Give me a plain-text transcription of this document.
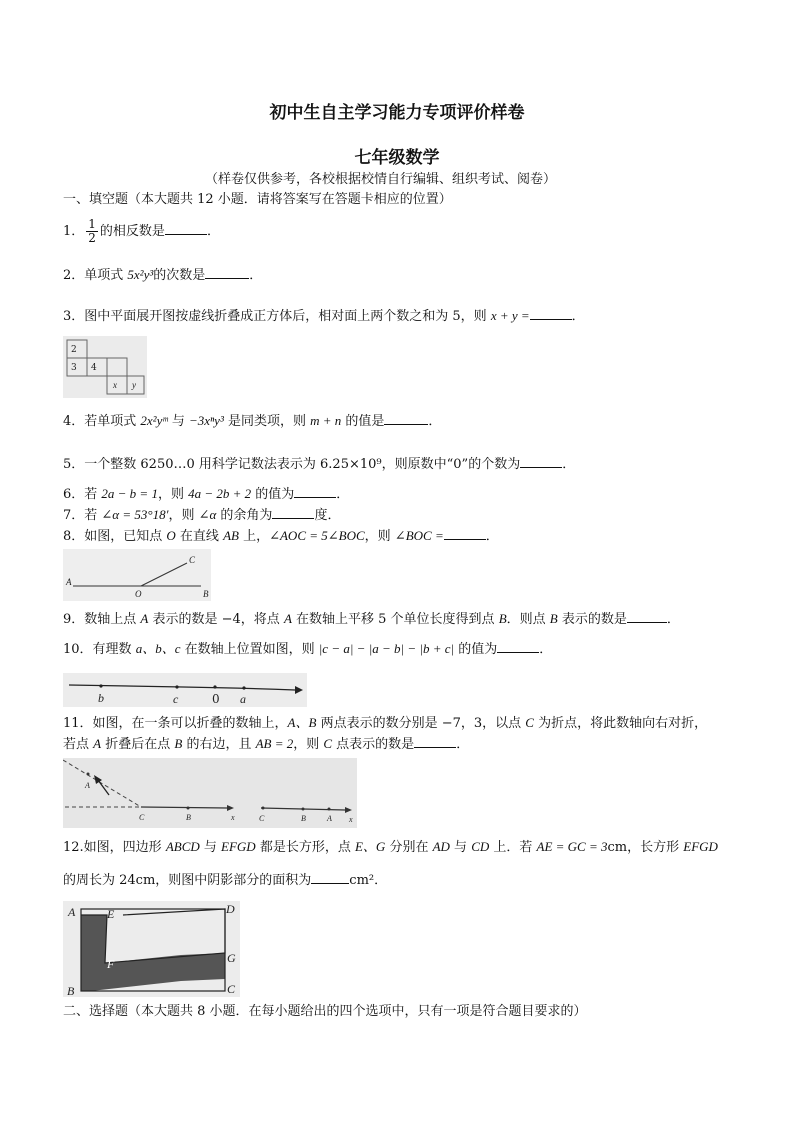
初中生自主学习能力专项评价样卷
七年级数学
（样卷仅供参考，各校根据校情自行编辑、组织考试、阅卷）
一、填空题（本大题共 12 小题．请将答案写在答题卡相应的位置）
1． $\frac{1}{2}$ 的相反数是	．
2．单项式 5x²y³的次数是	．
3．图中平面展开图按虚线折叠成正方体后，相对面上两个数之和为 5，则 x + y =	．
2
3 4
x y
4．若单项式 2x²yᵐ 与 −3xⁿy³ 是同类项，则 m + n 的值是	．
5．一个整数 6250…0 用科学记数法表示为 6.25×10⁹，则原数中“0”的个数为	．
6．若 2a − b = 1，则 4a − 2b + 2 的值为	．
7．若 ∠α = 53°18′，则 ∠α 的余角为	度．
8．如图，已知点 O 在直线 AB 上，∠AOC = 5∠BOC，则 ∠BOC =	．
A
O	B
C
9．数轴上点 A 表示的数是 −4，将点 A 在数轴上平移 5 个单位长度得到点 B．则点 B 表示的数是	．
10．有理数 a、b、c 在数轴上位置如图，则 |c − a| − |a − b| − |b + c| 的值为	．
b	c	0 a
11．如图，在一条可以折叠的数轴上，A、B 两点表示的数分别是 −7，3，以点 C 为折点，将此数轴向右对折，
若点 A 折叠后在点 B 的右边，且 AB = 2，则 C 点表示的数是	．
A
C	B	x	C	B	A x
12.如图，四边形 ABCD 与 EFGD 都是长方形，点 E、G 分别在 AD 与 CD 上．若 AE = GC = 3cm，长方形 EFGD
的周长为 24cm，则图中阴影部分的面积为	cm²．
A	E	D
F	G
B	C
二、选择题（本大题共 8 小题．在每小题给出的四个选项中，只有一项是符合题目要求的）
